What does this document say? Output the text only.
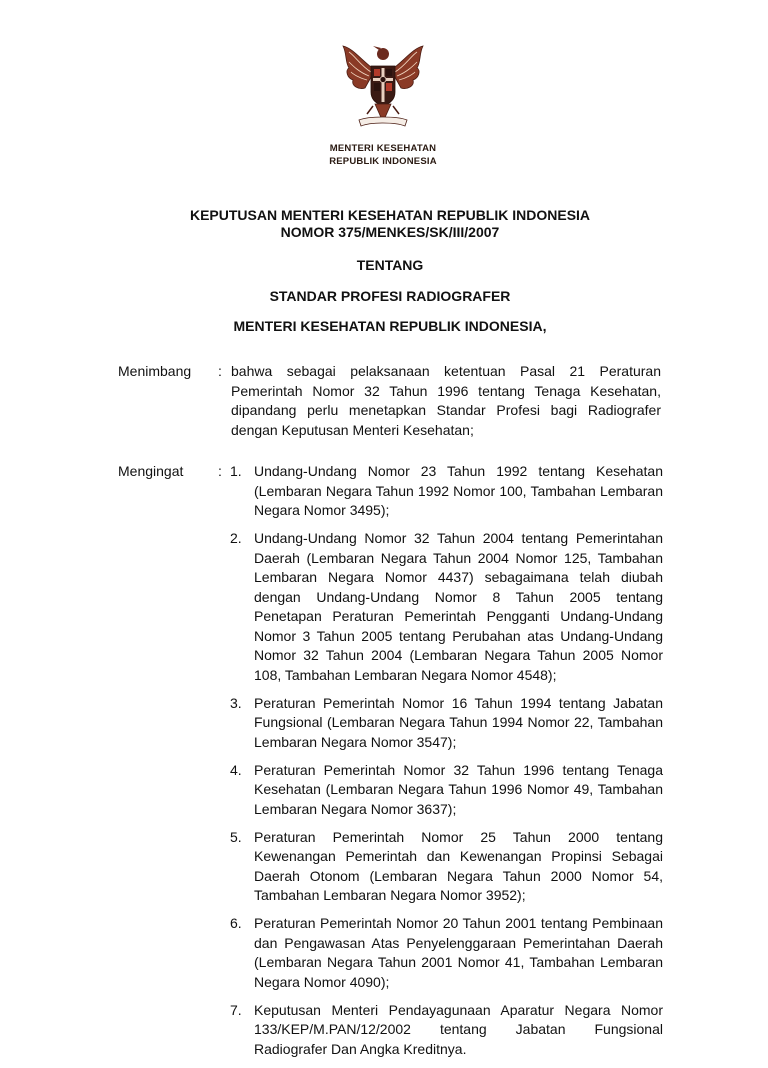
MENTERI KESEHATAN
REPUBLIK INDONESIA
KEPUTUSAN MENTERI KESEHATAN REPUBLIK INDONESIA
NOMOR 375/MENKES/SK/III/2007
TENTANG
STANDAR PROFESI RADIOGRAFER
MENTERI KESEHATAN REPUBLIK INDONESIA,
Menimbang : bahwa sebagai pelaksanaan ketentuan Pasal 21 Peraturan Pemerintah Nomor 32 Tahun 1996 tentang Tenaga Kesehatan, dipandang perlu menetapkan Standar Profesi bagi Radiografer dengan Keputusan Menteri Kesehatan;

Mengingat : 1. Undang-Undang Nomor 23 Tahun 1992 tentang Kesehatan (Lembaran Negara Tahun 1992 Nomor 100, Tambahan Lembaran Negara Nomor 3495);
2. Undang-Undang Nomor 32 Tahun 2004 tentang Pemerintahan Daerah (Lembaran Negara Tahun 2004 Nomor 125, Tambahan Lembaran Negara Nomor 4437) sebagaimana telah diubah dengan Undang-Undang Nomor 8 Tahun 2005 tentang Penetapan Peraturan Pemerintah Pengganti Undang-Undang Nomor 3 Tahun 2005 tentang Perubahan atas Undang-Undang Nomor 32 Tahun 2004 (Lembaran Negara Tahun 2005 Nomor 108, Tambahan Lembaran Negara Nomor 4548);
3. Peraturan Pemerintah Nomor 16 Tahun 1994 tentang Jabatan Fungsional (Lembaran Negara Tahun 1994 Nomor 22, Tambahan Lembaran Negara Nomor 3547);
4. Peraturan Pemerintah Nomor 32 Tahun 1996 tentang Tenaga Kesehatan (Lembaran Negara Tahun 1996 Nomor 49, Tambahan Lembaran Negara Nomor 3637);
5. Peraturan Pemerintah Nomor 25 Tahun 2000 tentang Kewenangan Pemerintah dan Kewenangan Propinsi Sebagai Daerah Otonom (Lembaran Negara Tahun 2000 Nomor 54, Tambahan Lembaran Negara Nomor 3952);
6. Peraturan Pemerintah Nomor 20 Tahun 2001 tentang Pembinaan dan Pengawasan Atas Penyelenggaraan Pemerintahan Daerah (Lembaran Negara Tahun 2001 Nomor 41, Tambahan Lembaran Negara Nomor 4090);
7. Keputusan Menteri Pendayagunaan Aparatur Negara Nomor 133/KEP/M.PAN/12/2002 tentang Jabatan Fungsional Radiografer Dan Angka Kreditnya.
